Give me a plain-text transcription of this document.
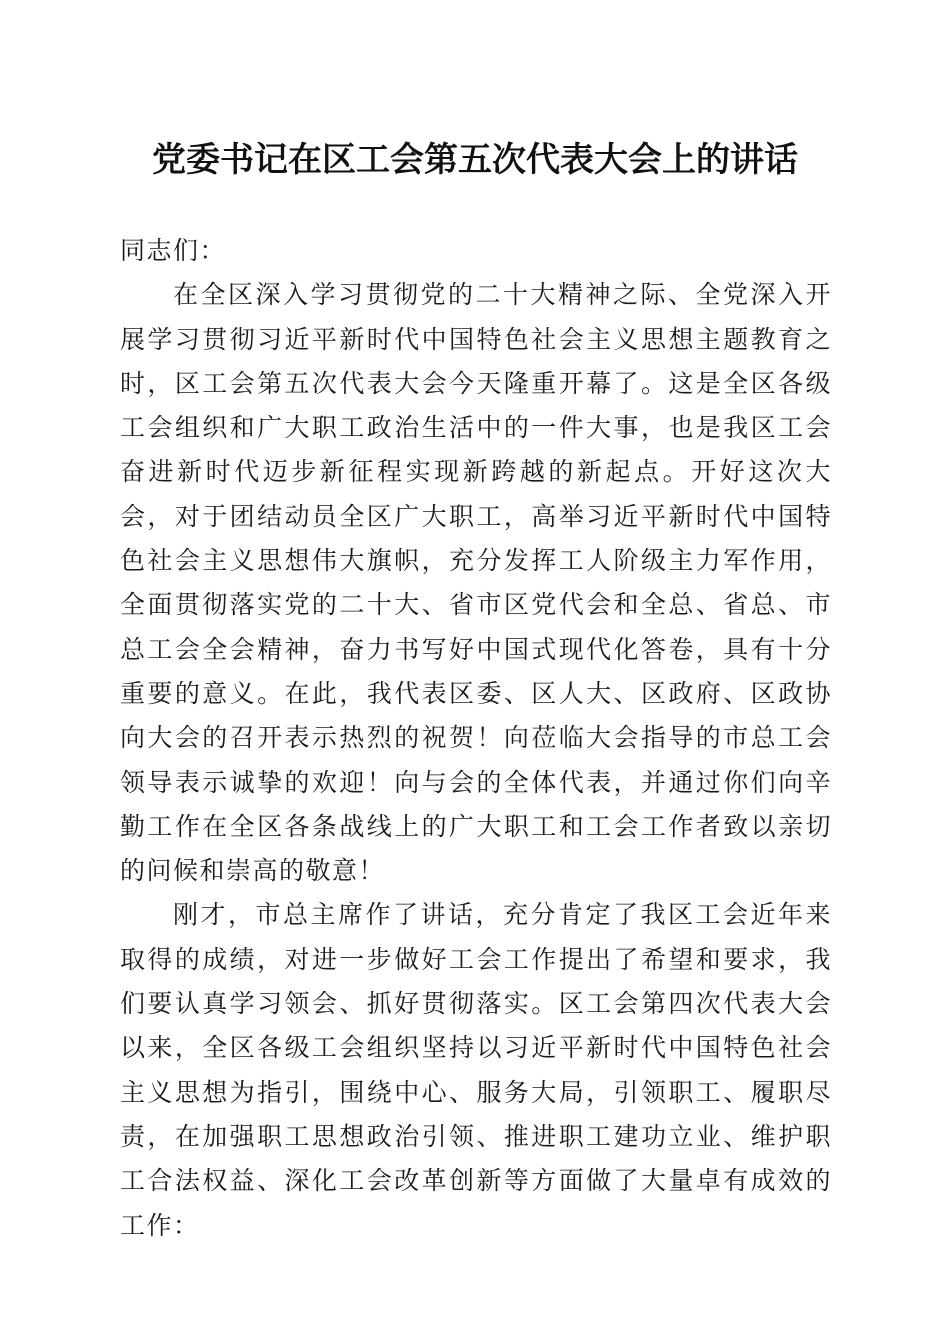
党委书记在区工会第五次代表大会上的讲话

同志们：

在全区深入学习贯彻党的二十大精神之际、全党深入开展学习贯彻习近平新时代中国特色社会主义思想主题教育之时，区工会第五次代表大会今天隆重开幕了。这是全区各级工会组织和广大职工政治生活中的一件大事，也是我区工会奋进新时代迈步新征程实现新跨越的新起点。开好这次大会，对于团结动员全区广大职工，高举习近平新时代中国特色社会主义思想伟大旗帜，充分发挥工人阶级主力军作用，全面贯彻落实党的二十大、省市区党代会和全总、省总、市总工会全会精神，奋力书写好中国式现代化答卷，具有十分重要的意义。在此，我代表区委、区人大、区政府、区政协向大会的召开表示热烈的祝贺！向莅临大会指导的市总工会领导表示诚挚的欢迎！向与会的全体代表，并通过你们向辛勤工作在全区各条战线上的广大职工和工会工作者致以亲切的问候和崇高的敬意！

刚才，市总主席作了讲话，充分肯定了我区工会近年来取得的成绩，对进一步做好工会工作提出了希望和要求，我们要认真学习领会、抓好贯彻落实。区工会第四次代表大会以来，全区各级工会组织坚持以习近平新时代中国特色社会主义思想为指引，围绕中心、服务大局，引领职工、履职尽责，在加强职工思想政治引领、推进职工建功立业、维护职工合法权益、深化工会改革创新等方面做了大量卓有成效的工作：
